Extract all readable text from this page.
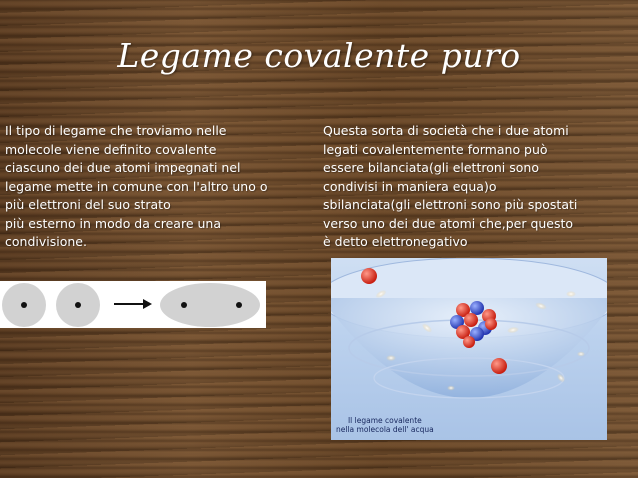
Legame covalente puro
Il tipo di legame che troviamo nelle
molecole viene definito covalente
ciascuno dei due atomi impegnati nel
legame mette in comune con l'altro uno o
più elettroni del suo strato
più esterno in modo da creare una
condivisione.
Questa sorta di società che i due atomi
legati covalentemente formano può
essere bilanciata(gli elettroni sono
condivisi in maniera equa)o
sbilanciata(gli elettroni sono più spostati
verso uno dei due atomi che,per questo
è detto elettronegativo
Il legame covalente
nella molecola dell' acqua
